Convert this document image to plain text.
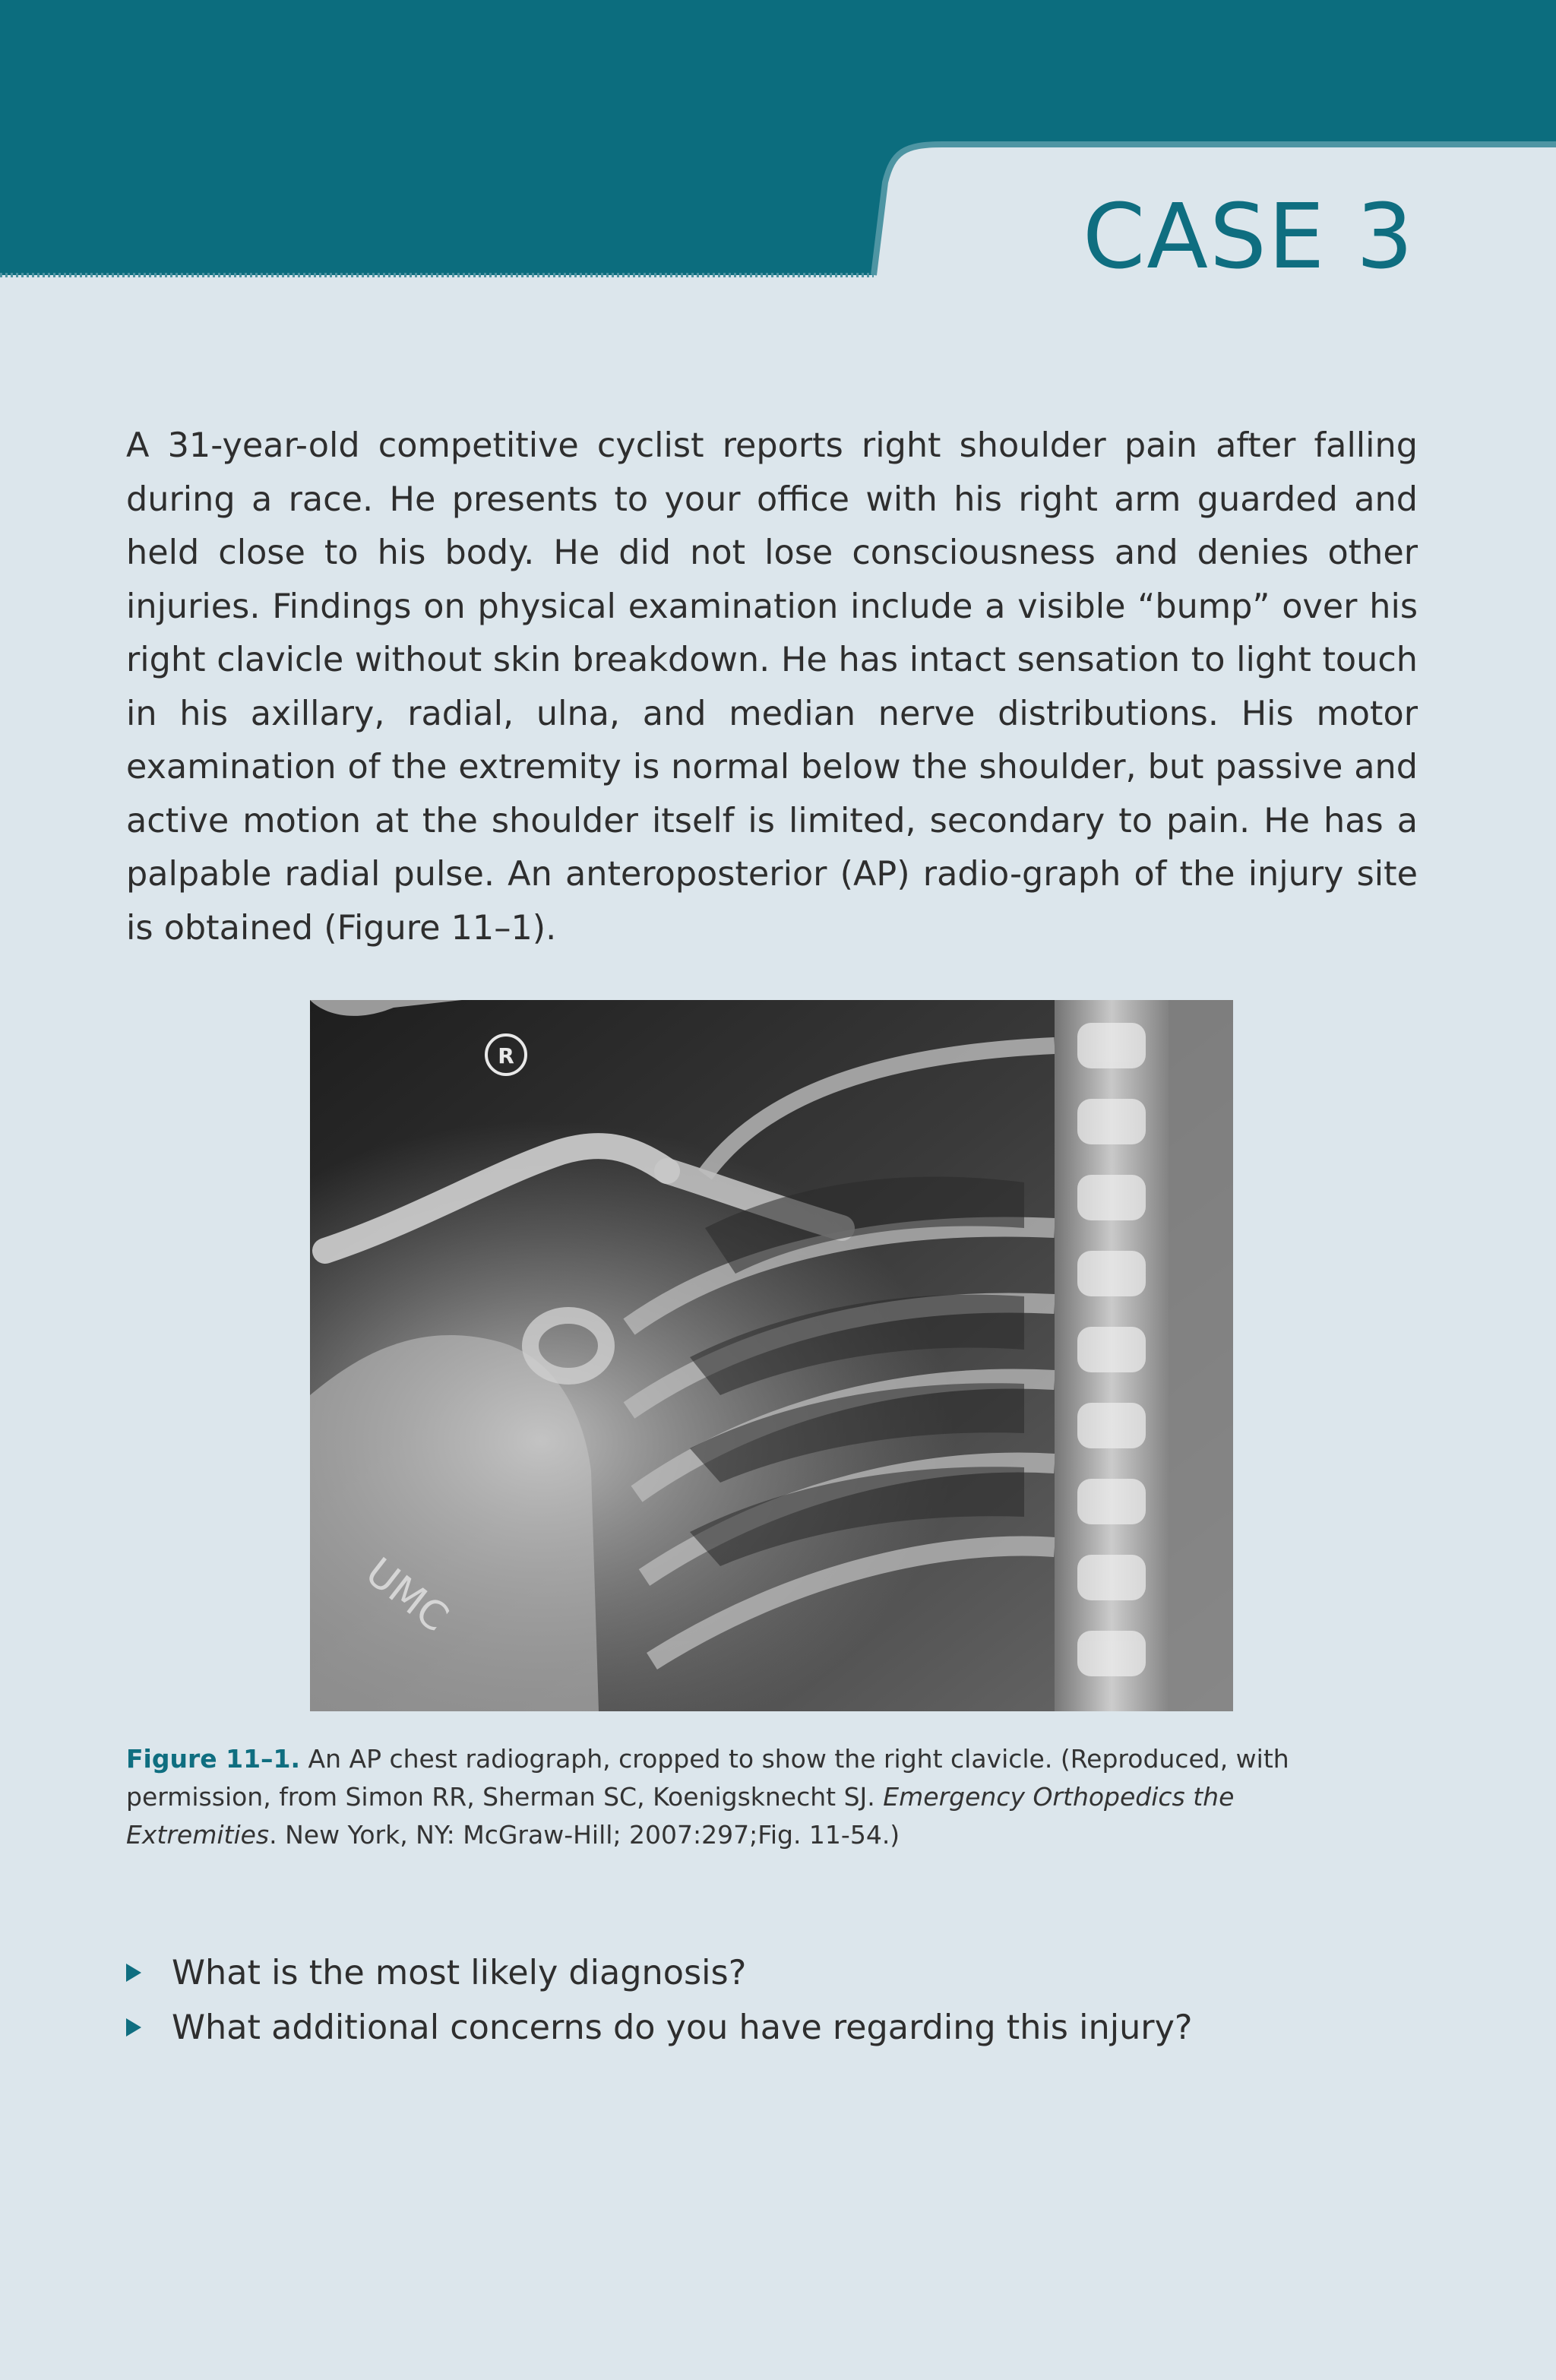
CASE 3

A 31-year-old competitive cyclist reports right shoulder pain after falling during a race. He presents to your office with his right arm guarded and held close to his body. He did not lose consciousness and denies other injuries. Findings on physical examination include a visible “bump” over his right clavicle without skin breakdown. He has intact sensation to light touch in his axillary, radial, ulna, and median nerve distributions. His motor examination of the extremity is normal below the shoulder, but passive and active motion at the shoulder itself is limited, secondary to pain. He has a palpable radial pulse. An anteroposterior (AP) radio-graph of the injury site is obtained (Figure 11–1).

R
UMC

Figure 11–1. An AP chest radiograph, cropped to show the right clavicle. (Reproduced, with permission, from Simon RR, Sherman SC, Koenigsknecht SJ. Emergency Orthopedics the Extremities. New York, NY: McGraw-Hill; 2007:297;Fig. 11-54.)

What is the most likely diagnosis?
What additional concerns do you have regarding this injury?
